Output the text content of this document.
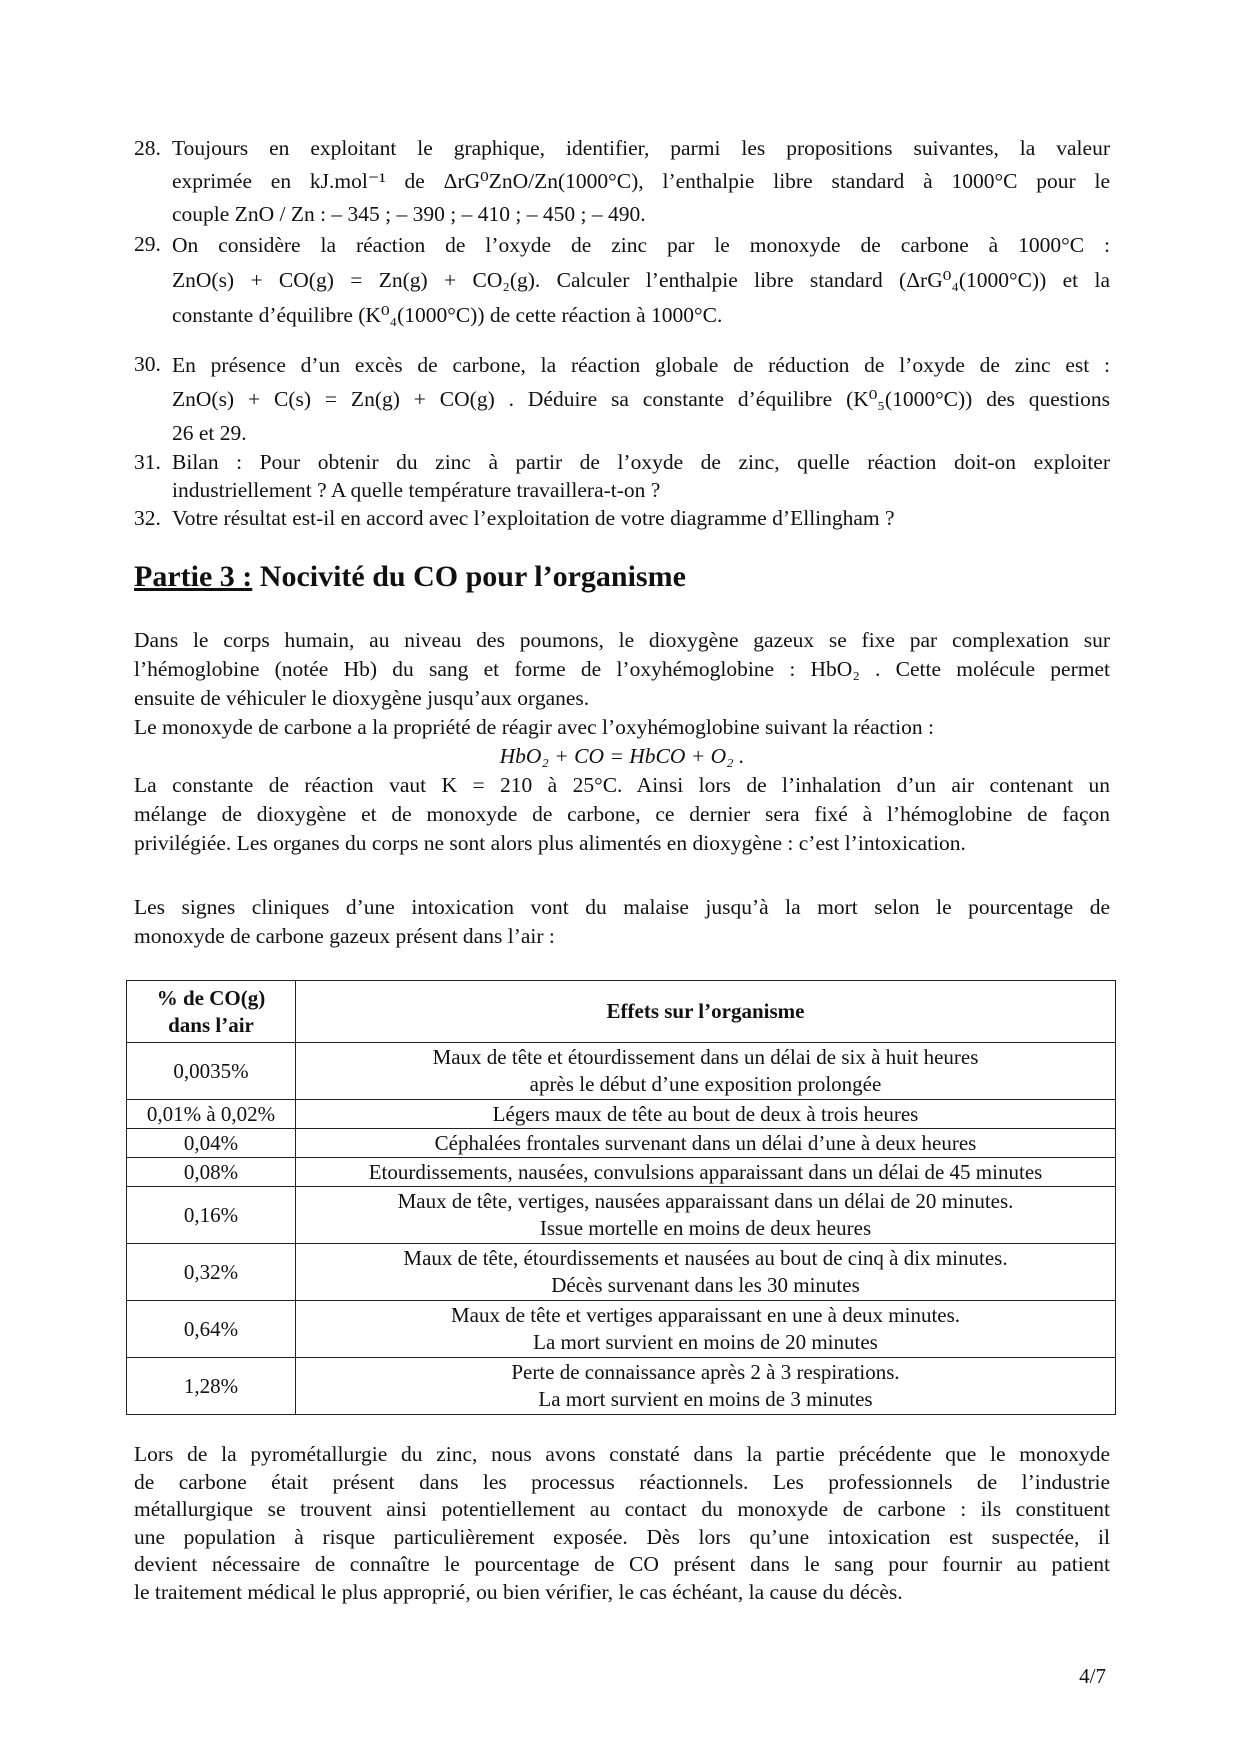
28. Toujours en exploitant le graphique, identifier, parmi les propositions suivantes, la valeur
exprimée en kJ.mol⁻¹ de ΔrG⁰ZnO/Zn(1000°C), l’enthalpie libre standard à 1000°C pour le
couple ZnO / Zn : – 345 ; – 390 ; – 410 ; – 450 ; – 490.
29. On considère la réaction de l’oxyde de zinc par le monoxyde de carbone à 1000°C :
ZnO(s) + CO(g) = Zn(g) + CO₂(g). Calculer l’enthalpie libre standard (ΔrG⁰₄(1000°C)) et la
constante d’équilibre (K⁰₄(1000°C)) de cette réaction à 1000°C.
30. En présence d’un excès de carbone, la réaction globale de réduction de l’oxyde de zinc est :
ZnO(s) + C(s) = Zn(g) + CO(g) . Déduire sa constante d’équilibre (K⁰₅(1000°C)) des questions
26 et 29.
31. Bilan : Pour obtenir du zinc à partir de l’oxyde de zinc, quelle réaction doit-on exploiter
industriellement ? A quelle température travaillera-t-on ?
32. Votre résultat est-il en accord avec l’exploitation de votre diagramme d’Ellingham ?
Partie 3 : Nocivité du CO pour l’organisme
Dans le corps humain, au niveau des poumons, le dioxygène gazeux se fixe par complexation sur
l’hémoglobine (notée Hb) du sang et forme de l’oxyhémoglobine : HbO₂ . Cette molécule permet
ensuite de véhiculer le dioxygène jusqu’aux organes.
Le monoxyde de carbone a la propriété de réagir avec l’oxyhémoglobine suivant la réaction :
HbO₂ + CO = HbCO + O₂ .
La constante de réaction vaut K = 210 à 25°C. Ainsi lors de l’inhalation d’un air contenant un
mélange de dioxygène et de monoxyde de carbone, ce dernier sera fixé à l’hémoglobine de façon
privilégiée. Les organes du corps ne sont alors plus alimentés en dioxygène : c’est l’intoxication.
Les signes cliniques d’une intoxication vont du malaise jusqu’à la mort selon le pourcentage de
monoxyde de carbone gazeux présent dans l’air :
% de CO(g)
dans l’air	Effets sur l’organisme
0,0035%	Maux de tête et étourdissement dans un délai de six à huit heures
après le début d’une exposition prolongée

0,01% à 0,02%	Légers maux de tête au bout de deux à trois heures

0,04%	Céphalées frontales survenant dans un délai d’une à deux heures

0,08%	Etourdissements, nausées, convulsions apparaissant dans un délai de 45 minutes

0,16%	Maux de tête, vertiges, nausées apparaissant dans un délai de 20 minutes.
Issue mortelle en moins de deux heures

0,32%	Maux de tête, étourdissements et nausées au bout de cinq à dix minutes.
Décès survenant dans les 30 minutes

0,64%	Maux de tête et vertiges apparaissant en une à deux minutes.
La mort survient en moins de 20 minutes

1,28%	Perte de connaissance après 2 à 3 respirations.
La mort survient en moins de 3 minutes
Lors de la pyrométallurgie du zinc, nous avons constaté dans la partie précédente que le monoxyde
de carbone était présent dans les processus réactionnels. Les professionnels de l’industrie
métallurgique se trouvent ainsi potentiellement au contact du monoxyde de carbone : ils constituent
une population à risque particulièrement exposée. Dès lors qu’une intoxication est suspectée, il
devient nécessaire de connaître le pourcentage de CO présent dans le sang pour fournir au patient
le traitement médical le plus approprié, ou bien vérifier, le cas échéant, la cause du décès.
4/7
